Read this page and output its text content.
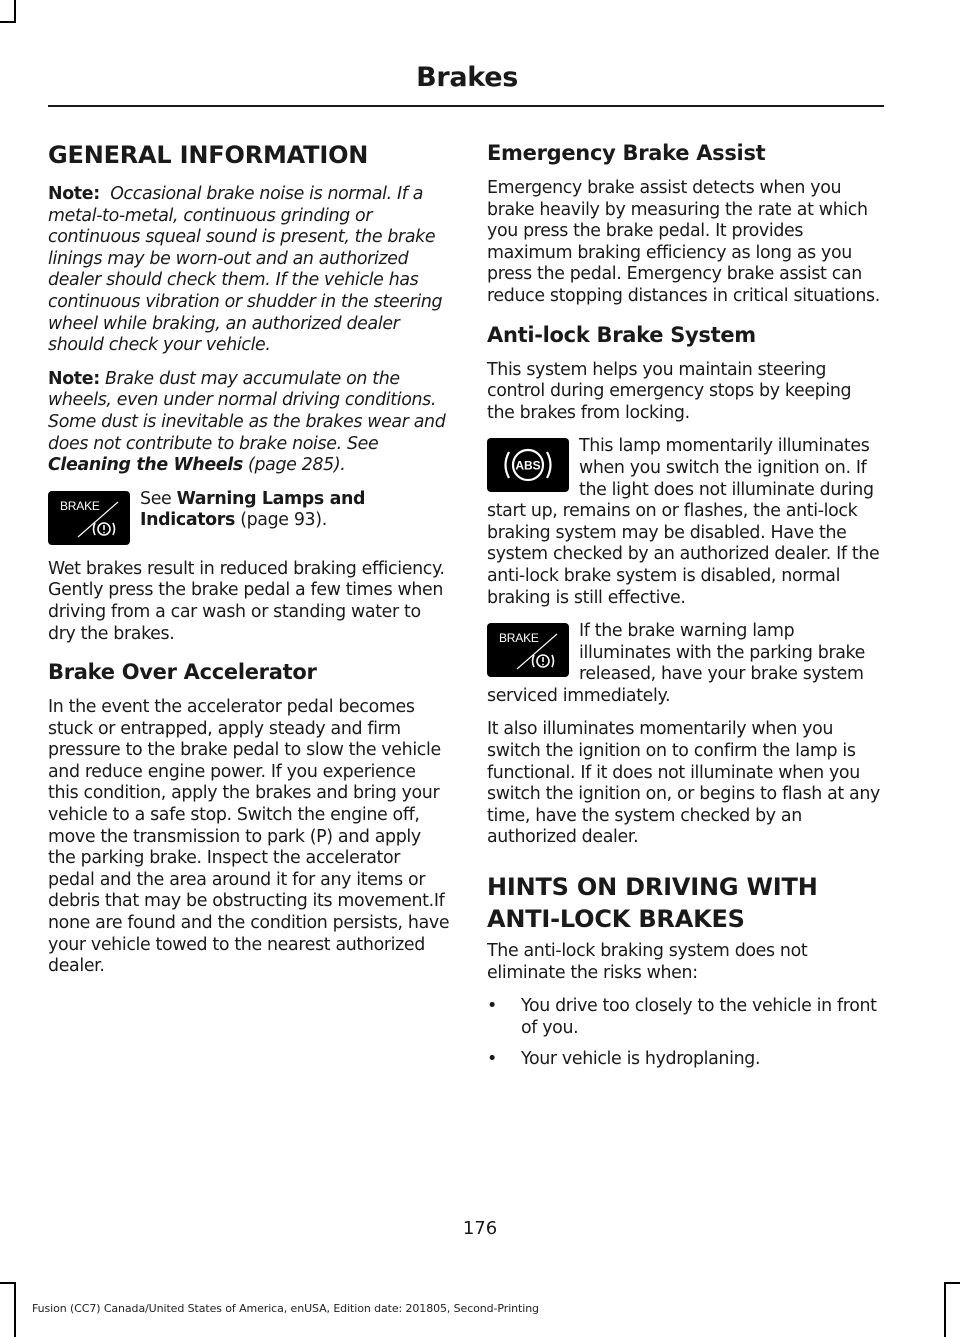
Brakes
GENERAL INFORMATION

Note: Occasional brake noise is normal. If a metal-to-metal, continuous grinding or continuous squeal sound is present, the brake linings may be worn-out and an authorized dealer should check them. If the vehicle has continuous vibration or shudder in the steering wheel while braking, an authorized dealer should check your vehicle.

Note: Brake dust may accumulate on the wheels, even under normal driving conditions. Some dust is inevitable as the brakes wear and does not contribute to brake noise. See Cleaning the Wheels (page 285).

BRAKE	See Warning Lamps and Indicators (page 93).

Wet brakes result in reduced braking efficiency. Gently press the brake pedal a few times when driving from a car wash or standing water to dry the brakes.

Brake Over Accelerator

In the event the accelerator pedal becomes stuck or entrapped, apply steady and firm pressure to the brake pedal to slow the vehicle and reduce engine power. If you experience this condition, apply the brakes and bring your vehicle to a safe stop. Switch the engine off, move the transmission to park (P) and apply the parking brake. Inspect the accelerator pedal and the area around it for any items or debris that may be obstructing its movement.If none are found and the condition persists, have your vehicle towed to the nearest authorized dealer.

Emergency Brake Assist

Emergency brake assist detects when you brake heavily by measuring the rate at which you press the brake pedal. It provides maximum braking efficiency as long as you press the pedal. Emergency brake assist can reduce stopping distances in critical situations.

Anti-lock Brake System

This system helps you maintain steering control during emergency stops by keeping the brakes from locking.

ABS

This lamp momentarily illuminates when you switch the ignition on. If the light does not illuminate during start up, remains on or flashes, the anti-lock braking system may be disabled. Have the system checked by an authorized dealer. If the anti-lock brake system is disabled, normal braking is still effective.

BRAKE	If the brake warning lamp illuminates with the parking brake released, have your brake system serviced immediately.

It also illuminates momentarily when you switch the ignition on to confirm the lamp is functional. If it does not illuminate when you switch the ignition on, or begins to flash at any time, have the system checked by an authorized dealer.

HINTS ON DRIVING WITH
ANTI-LOCK BRAKES

The anti-lock braking system does not eliminate the risks when:

• You drive too closely to the vehicle in front of you.
• Your vehicle is hydroplaning.
176
Fusion (CC7) Canada/United States of America, enUSA, Edition date: 201805, Second-Printing
